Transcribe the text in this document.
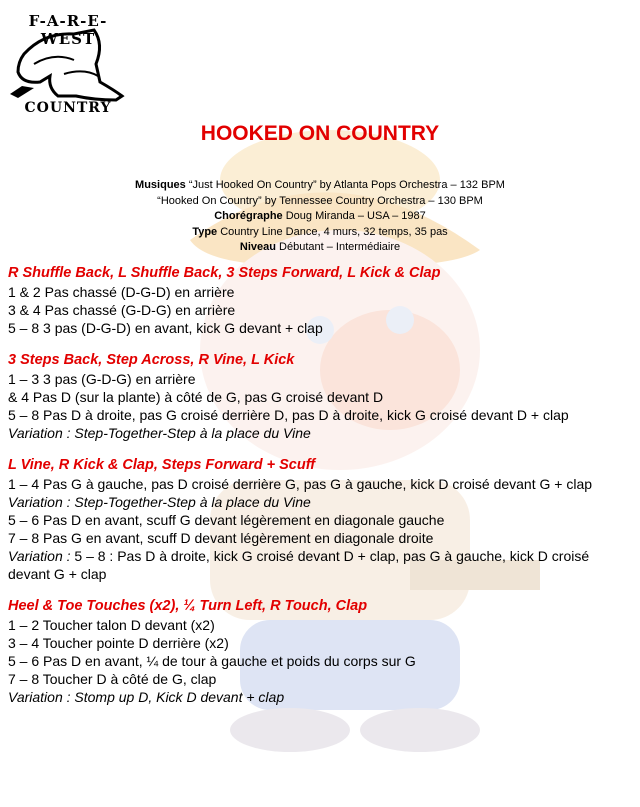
F-A-R-E-WEST
COUNTRY
HOOKED ON COUNTRY
Musiques “Just Hooked On Country” by Atlanta Pops Orchestra – 132 BPM
“Hooked On Country” by Tennessee Country Orchestra – 130 BPM
Chorégraphe Doug Miranda – USA – 1987
Type Country Line Dance, 4 murs, 32 temps, 35 pas
Niveau Débutant – Intermédiaire
R Shuffle Back, L Shuffle Back, 3 Steps Forward, L Kick & Clap
1 & 2 Pas chassé (D-G-D) en arrière
3 & 4 Pas chassé (G-D-G) en arrière
5 – 8 3 pas (D-G-D) en avant, kick G devant + clap
3 Steps Back, Step Across, R Vine, L Kick
1 – 3 3 pas (G-D-G) en arrière
& 4 Pas D (sur la plante) à côté de G, pas G croisé devant D
5 – 8 Pas D à droite, pas G croisé derrière D, pas D à droite, kick G croisé devant D + clap
Variation : Step-Together-Step à la place du Vine
L Vine, R Kick & Clap, Steps Forward + Scuff
1 – 4 Pas G à gauche, pas D croisé derrière G, pas G à gauche, kick D croisé devant G + clap
Variation : Step-Together-Step à la place du Vine
5 – 6 Pas D en avant, scuff G devant légèrement en diagonale gauche
7 – 8 Pas G en avant, scuff D devant légèrement en diagonale droite
Variation : 5 – 8 : Pas D à droite, kick G croisé devant D + clap, pas G à gauche, kick D croisé devant G + clap
Heel & Toe Touches (x2), ¼ Turn Left, R Touch, Clap
1 – 2 Toucher talon D devant (x2)
3 – 4 Toucher pointe D derrière (x2)
5 – 6 Pas D en avant, ¼ de tour à gauche et poids du corps sur G
7 – 8 Toucher D à côté de G, clap
Variation : Stomp up D, Kick D devant + clap
